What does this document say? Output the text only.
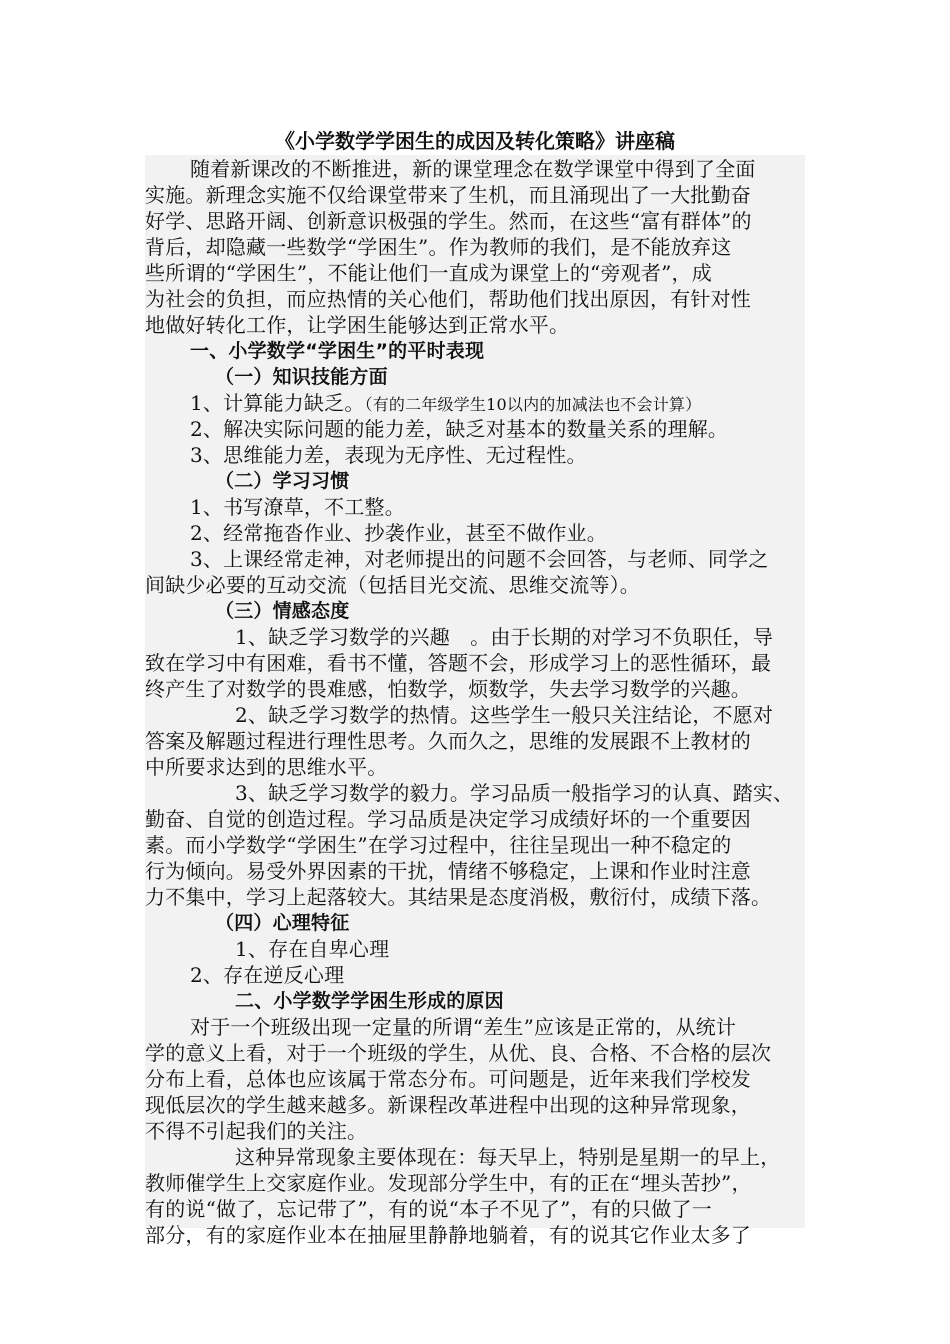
《小学数学学困生的成因及转化策略》讲座稿
随着新课改的不断推进，新的课堂理念在数学课堂中得到了全面
实施。新理念实施不仅给课堂带来了生机，而且涌现出了一大批勤奋
好学、思路开阔、创新意识极强的学生。然而，在这些“富有群体”的
背后，却隐藏一些数学“学困生”。作为教师的我们，是不能放弃这
些所谓的“学困生”，不能让他们一直成为课堂上的“旁观者”，成
为社会的负担，而应热情的关心他们，帮助他们找出原因，有针对性
地做好转化工作，让学困生能够达到正常水平。
一、小学数学“学困生”的平时表现
（一）知识技能方面
1、计算能力缺乏。（有的二年级学生10以内的加减法也不会计算）
2、解决实际问题的能力差，缺乏对基本的数量关系的理解。
3、思维能力差，表现为无序性、无过程性。
（二）学习习惯
1、书写潦草，不工整。
2、经常拖沓作业、抄袭作业，甚至不做作业。
3、上课经常走神，对老师提出的问题不会回答，与老师、同学之
间缺少必要的互动交流（包括目光交流、思维交流等）。
（三）情感态度
1、缺乏学习数学的兴趣　。由于长期的对学习不负职任，导
致在学习中有困难，看书不懂，答题不会，形成学习上的恶性循环，最
终产生了对数学的畏难感，怕数学，烦数学，失去学习数学的兴趣。
2、缺乏学习数学的热情。这些学生一般只关注结论，不愿对
答案及解题过程进行理性思考。久而久之，思维的发展跟不上教材的
中所要求达到的思维水平。
3、缺乏学习数学的毅力。学习品质一般指学习的认真、踏实、
勤奋、自觉的创造过程。学习品质是决定学习成绩好坏的一个重要因
素。而小学数学“学困生”在学习过程中，往往呈现出一种不稳定的
行为倾向。易受外界因素的干扰，情绪不够稳定，上课和作业时注意
力不集中，学习上起落较大。其结果是态度消极，敷衍付，成绩下落。
（四）心理特征
1、存在自卑心理
2、存在逆反心理
二、小学数学学困生形成的原因
对于一个班级出现一定量的所谓“差生”应该是正常的，从统计
学的意义上看，对于一个班级的学生，从优、良、合格、不合格的层次
分布上看，总体也应该属于常态分布。可问题是，近年来我们学校发
现低层次的学生越来越多。新课程改革进程中出现的这种异常现象，
不得不引起我们的关注。
这种异常现象主要体现在：每天早上，特别是星期一的早上，
教师催学生上交家庭作业。发现部分学生中，有的正在“埋头苦抄”，
有的说“做了，忘记带了”，有的说“本子不见了”，有的只做了一
部分，有的家庭作业本在抽屉里静静地躺着，有的说其它作业太多了
